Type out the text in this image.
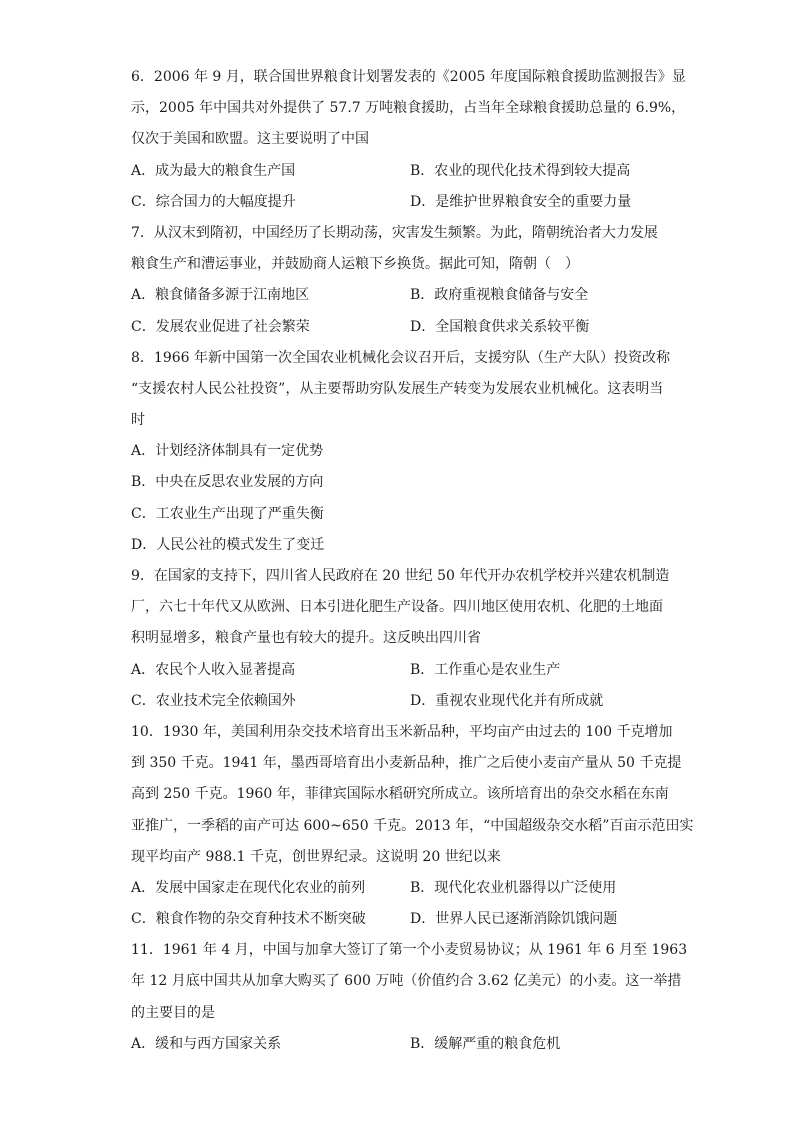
6．2006 年 9 月，联合国世界粮食计划署发表的《2005 年度国际粮食援助监测报告》显
示，2005 年中国共对外提供了 57.7 万吨粮食援助，占当年全球粮食援助总量的 6.9%，
仅次于美国和欧盟。这主要说明了中国
A．成为最大的粮食生产国	B．农业的现代化技术得到较大提高
C．综合国力的大幅度提升	D．是维护世界粮食安全的重要力量
7．从汉末到隋初，中国经历了长期动荡，灾害发生频繁。为此，隋朝统治者大力发展
粮食生产和漕运事业，并鼓励商人运粮下乡换货。据此可知，隋朝（　）
A．粮食储备多源于江南地区	B．政府重视粮食储备与安全
C．发展农业促进了社会繁荣	D．全国粮食供求关系较平衡
8．1966 年新中国第一次全国农业机械化会议召开后，支援穷队（生产大队）投资改称
“支援农村人民公社投资”，从主要帮助穷队发展生产转变为发展农业机械化。这表明当
时
A．计划经济体制具有一定优势
B．中央在反思农业发展的方向
C．工农业生产出现了严重失衡
D．人民公社的模式发生了变迁
9．在国家的支持下，四川省人民政府在 20 世纪 50 年代开办农机学校并兴建农机制造
厂，六七十年代又从欧洲、日本引进化肥生产设备。四川地区使用农机、化肥的土地面
积明显增多，粮食产量也有较大的提升。这反映出四川省
A．农民个人收入显著提高	B．工作重心是农业生产
C．农业技术完全依赖国外	D．重视农业现代化并有所成就
10．1930 年，美国利用杂交技术培育出玉米新品种，平均亩产由过去的 100 千克增加
到 350 千克。1941 年，墨西哥培育出小麦新品种，推广之后使小麦亩产量从 50 千克提
高到 250 千克。1960 年，菲律宾国际水稻研究所成立。该所培育出的杂交水稻在东南
亚推广，一季稻的亩产可达 600~650 千克。2013 年，“中国超级杂交水稻”百亩示范田实
现平均亩产 988.1 千克，创世界纪录。这说明 20 世纪以来
A．发展中国家走在现代化农业的前列	B．现代化农业机器得以广泛使用
C．粮食作物的杂交育种技术不断突破	D．世界人民已逐渐消除饥饿问题
11．1961 年 4 月，中国与加拿大签订了第一个小麦贸易协议；从 1961 年 6 月至 1963
年 12 月底中国共从加拿大购买了 600 万吨（价值约合 3.62 亿美元）的小麦。这一举措
的主要目的是
A．缓和与西方国家关系	B．缓解严重的粮食危机
